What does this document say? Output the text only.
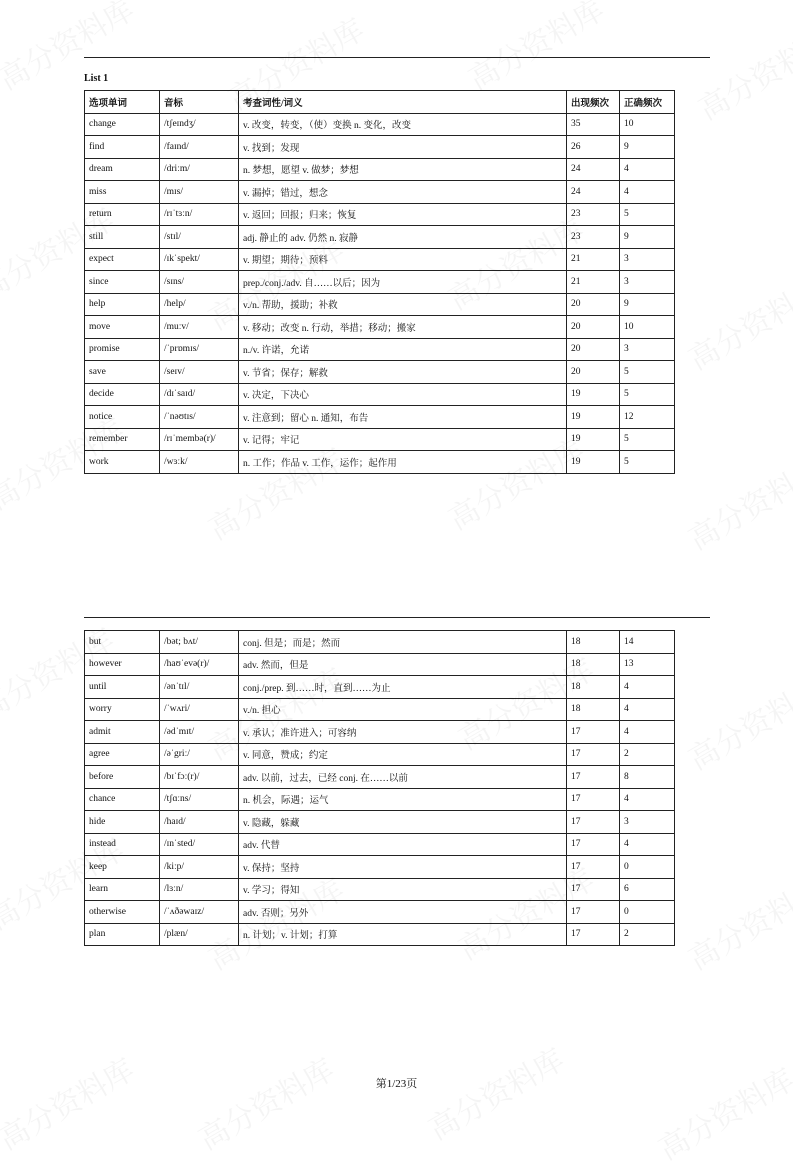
List 1
选项单词	音标	考查词性/词义	出现频次	正确频次
change	/tʃeɪndʒ/	v. 改变，转变，（使）变换 n. 变化，改变	35	10
find	/faɪnd/	v. 找到；发现	26	9
dream	/driːm/	n. 梦想，愿望 v. 做梦；梦想	24	4
miss	/mɪs/	v. 漏掉；错过，想念	24	4
return	/rɪˈtɜːn/	v. 返回；回报；归来；恢复	23	5
still	/stɪl/	adj. 静止的 adv. 仍然 n. 寂静	23	9
expect	/ɪkˈspekt/	v. 期望；期待；预料	21	3
since	/sɪns/	prep./conj./adv. 自……以后；因为	21	3
help	/help/	v./n. 帮助，援助；补救	20	9
move	/muːv/	v. 移动；改变 n. 行动，举措；移动；搬家	20	10
promise	/ˈprɒmɪs/	n./v. 许诺，允诺	20	3
save	/seɪv/	v. 节省；保存；解救	20	5
decide	/dɪˈsaɪd/	v. 决定，下决心	19	5
notice	/ˈnəʊtɪs/	v. 注意到；留心 n. 通知，布告	19	12
remember	/rɪˈmembə(r)/	v. 记得；牢记	19	5
work	/wɜːk/	n. 工作；作品 v. 工作，运作；起作用	19	5
but	/bət; bʌt/	conj. 但是；而是；然而	18	14
however	/haʊˈevə(r)/	adv. 然而，但是	18	13
until	/ənˈtɪl/	conj./prep. 到……时，直到……为止	18	4
worry	/ˈwʌri/	v./n. 担心	18	4
admit	/ədˈmɪt/	v. 承认；准许进入；可容纳	17	4
agree	/əˈgriː/	v. 同意，赞成；约定	17	2
before	/bɪˈfɔː(r)/	adv. 以前，过去，已经 conj. 在……以前	17	8
chance	/tʃɑːns/	n. 机会，际遇；运气	17	4
hide	/haɪd/	v. 隐藏，躲藏	17	3
instead	/ɪnˈsted/	adv. 代替	17	4
keep	/kiːp/	v. 保持；坚持	17	0
learn	/lɜːn/	v. 学习；得知	17	6
otherwise	/ˈʌðəwaɪz/	adv. 否则；另外	17	0
plan	/plæn/	n. 计划；v. 计划；打算	17	2
第1/23页
